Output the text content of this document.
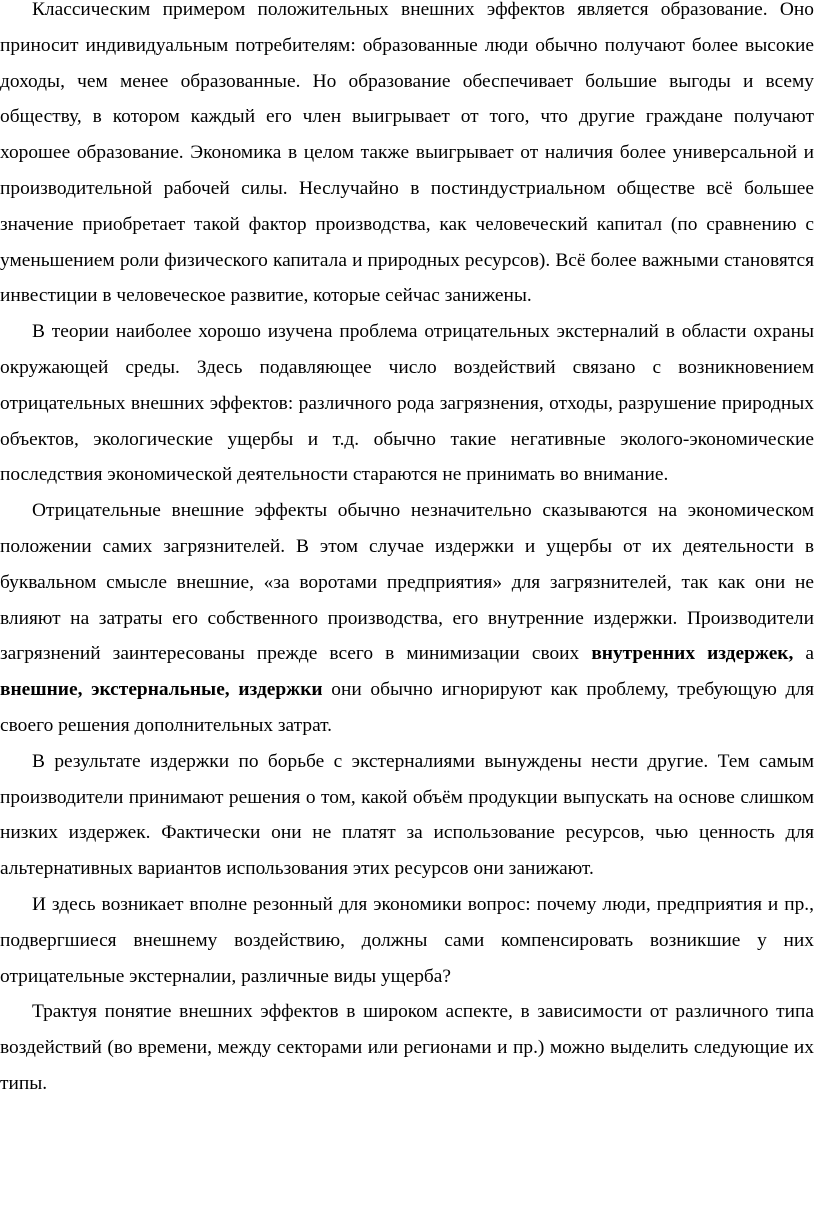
Классическим примером положительных внешних эффектов является образование. Оно приносит индивидуальным потребителям: образованные люди обычно получают более высокие доходы, чем менее образованные. Но образование обеспечивает большие выгоды и всему обществу, в котором каждый его член выигрывает от того, что другие граждане получают хорошее образование. Экономика в целом также выигрывает от наличия более универсальной и производительной рабочей силы. Неслучайно в постиндустриальном обществе всё большее значение приобретает такой фактор производства, как человеческий капитал (по сравнению с уменьшением роли физического капитала и природных ресурсов). Всё более важными становятся инвестиции в человеческое развитие, которые сейчас занижены.

В теории наиболее хорошо изучена проблема отрицательных экстерналий в области охраны окружающей среды. Здесь подавляющее число воздействий связано с возникновением отрицательных внешних эффектов: различного рода загрязнения, отходы, разрушение природных объектов, экологические ущербы и т.д. обычно такие негативные эколого-экономические последствия экономической деятельности стараются не принимать во внимание.

Отрицательные внешние эффекты обычно незначительно сказываются на экономическом положении самих загрязнителей. В этом случае издержки и ущербы от их деятельности в буквальном смысле внешние, «за воротами предприятия» для загрязнителей, так как они не влияют на затраты его собственного производства, его внутренние издержки. Производители загрязнений заинтересованы прежде всего в минимизации своих внутренних издержек, а внешние, экстернальные, издержки они обычно игнорируют как проблему, требующую для своего решения дополнительных затрат.

В результате издержки по борьбе с экстерналиями вынуждены нести другие. Тем самым производители принимают решения о том, какой объём продукции выпускать на основе слишком низких издержек. Фактически они не платят за использование ресурсов, чью ценность для альтернативных вариантов использования этих ресурсов они занижают.

И здесь возникает вполне резонный для экономики вопрос: почему люди, предприятия и пр., подвергшиеся внешнему воздействию, должны сами компенсировать возникшие у них отрицательные экстерналии, различные виды ущерба?

Трактуя понятие внешних эффектов в широком аспекте, в зависимости от различного типа воздействий (во времени, между секторами или регионами и пр.) можно выделить следующие их типы.
